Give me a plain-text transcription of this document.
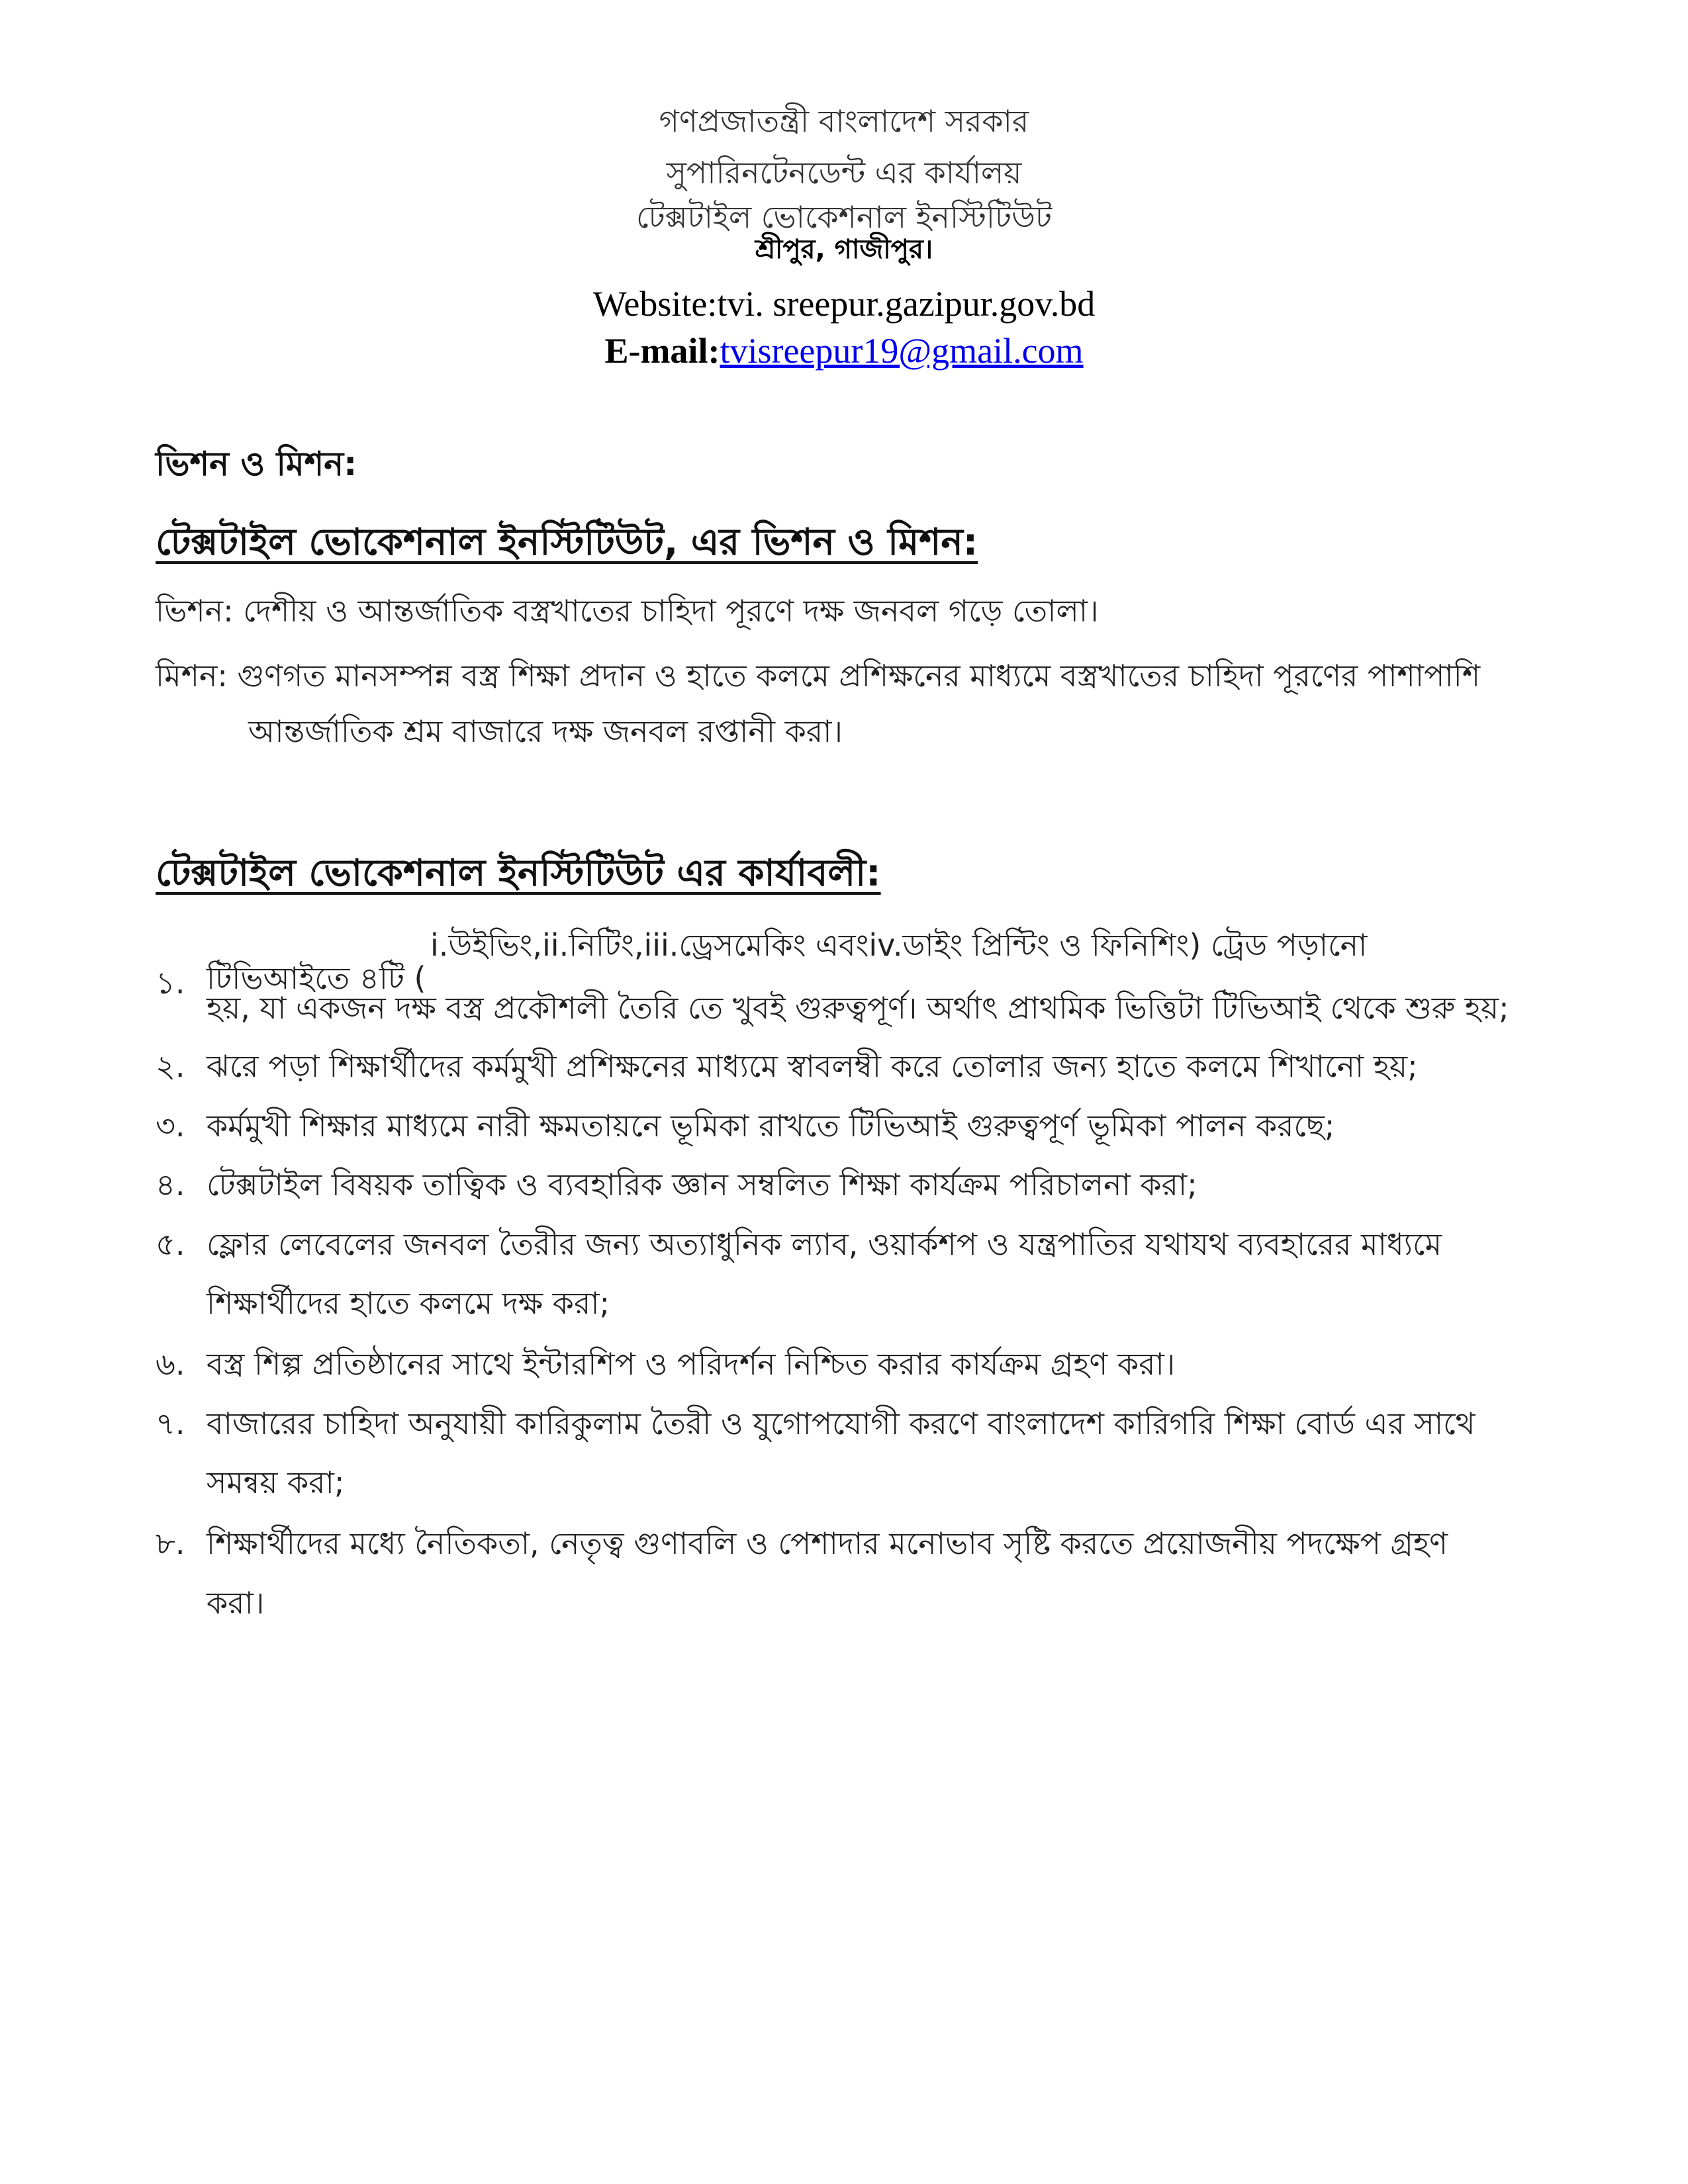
গণপ্রজাতন্ত্রী বাংলাদেশ সরকার
সুপারিনটেনডেন্ট এর কার্যালয়
টেক্সটাইল ভোকেশনাল ইনস্টিটিউট
শ্রীপুর, গাজীপুর।
Website:tvi. sreepur.gazipur.gov.bd
E-mail:tvisreepur19@gmail.com
ভিশন ও মিশন:
টেক্সটাইল ভোকেশনাল ইনস্টিটিউট, এর ভিশন ও মিশন:
ভিশন: দেশীয় ও আন্তর্জাতিক বস্ত্রখাতের চাহিদা পূরণে দক্ষ জনবল গড়ে তোলা।
মিশন: গুণগত মানসম্পন্ন বস্ত্র শিক্ষা প্রদান ও হাতে কলমে প্রশিক্ষনের মাধ্যমে বস্ত্রখাতের চাহিদা পূরণের পাশাপাশি
আন্তর্জাতিক শ্রম বাজারে দক্ষ জনবল রপ্তানী করা।
টেক্সটাইল ভোকেশনাল ইনস্টিটিউট এর কার্যাবলী:
১.
i.উইভিং,ii.নিটিং,iii.ড্রেসমেকিং এবংiv.ডাইং প্রিন্টিং ও ফিনিশিং) ট্রেড পড়ানো
টিভিআইতে ৪টি (
হয়, যা একজন দক্ষ বস্ত্র প্রকৌশলী তৈরি তে খুবই গুরুত্বপূর্ণ। অর্থাৎ প্রাথমিক ভিত্তিটা টিভিআই থেকে শুরু হয়;
২. ঝরে পড়া শিক্ষার্থীদের কর্মমুখী প্রশিক্ষনের মাধ্যমে স্বাবলম্বী করে তোলার জন্য হাতে কলমে শিখানো হয়;
৩. কর্মমুখী শিক্ষার মাধ্যমে নারী ক্ষমতায়নে ভূমিকা রাখতে টিভিআই গুরুত্বপূর্ণ ভূমিকা পালন করছে;
৪. টেক্সটাইল বিষয়ক তাত্বিক ও ব্যবহারিক জ্ঞান সম্বলিত শিক্ষা কার্যক্রম পরিচালনা করা;
৫. ফ্লোর লেবেলের জনবল তৈরীর জন্য অত্যাধুনিক ল্যাব, ওয়ার্কশপ ও যন্ত্রপাতির যথাযথ ব্যবহারের মাধ্যমে
শিক্ষার্থীদের হাতে কলমে দক্ষ করা;
৬. বস্ত্র শিল্প প্রতিষ্ঠানের সাথে ইন্টারশিপ ও পরিদর্শন নিশ্চিত করার কার্যক্রম গ্রহণ করা।
৭. বাজারের চাহিদা অনুযায়ী কারিকুলাম তৈরী ও যুগোপযোগী করণে বাংলাদেশ কারিগরি শিক্ষা বোর্ড এর সাথে
সমন্বয় করা;
৮. শিক্ষার্থীদের মধ্যে নৈতিকতা, নেতৃত্ব গুণাবলি ও পেশাদার মনোভাব সৃষ্টি করতে প্রয়োজনীয় পদক্ষেপ গ্রহণ
করা।
